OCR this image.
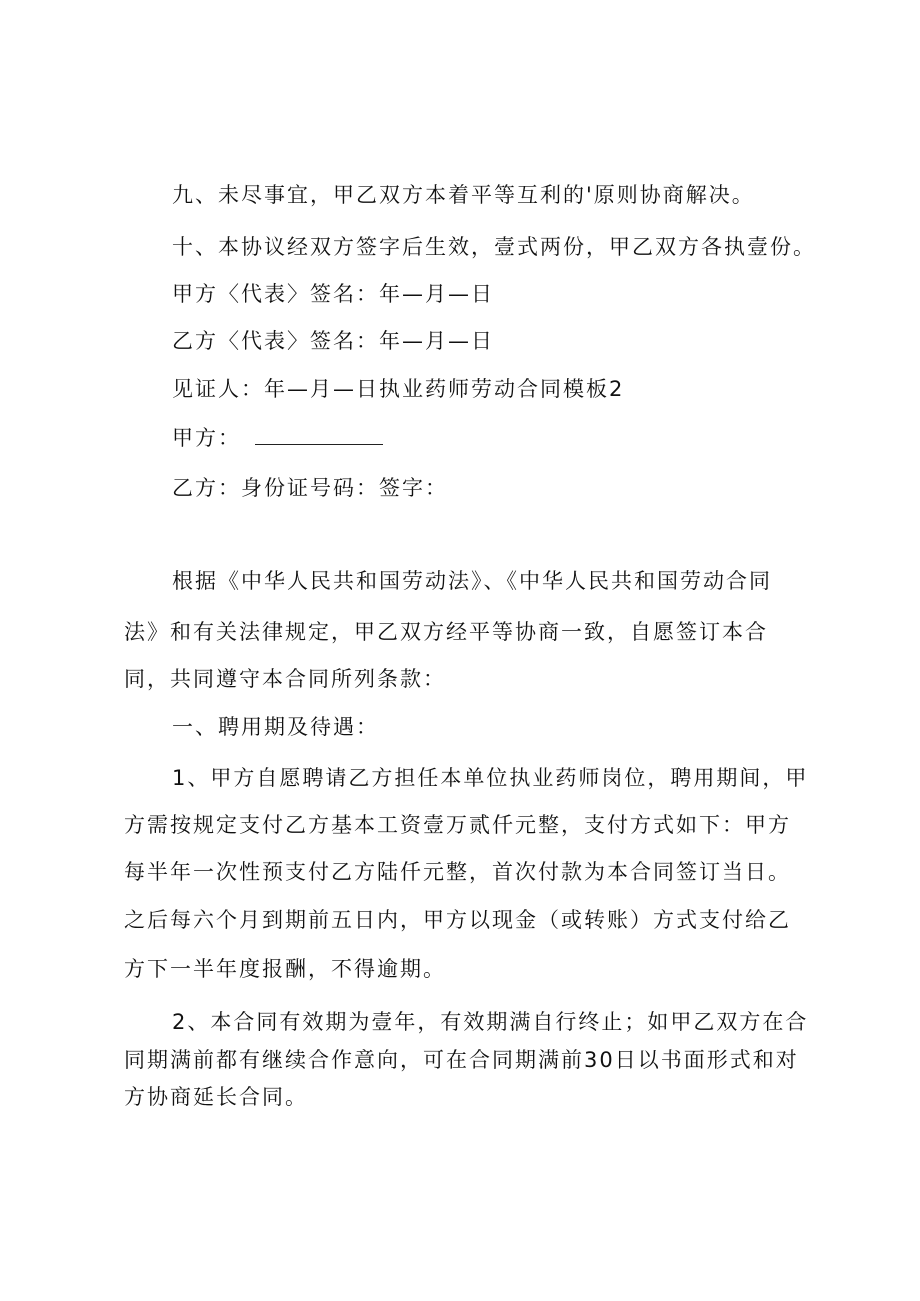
九、未尽事宜，甲乙双方本着平等互利的'原则协商解决。
十、本协议经双方签字后生效，壹式两份，甲乙双方各执壹份。
甲方〈代表〉签名：年—月—日
乙方〈代表〉签名：年—月—日
见证人：年—月—日执业药师劳动合同模板2
甲方：
乙方：身份证号码：签字：
根据《中华人民共和国劳动法》、《中华人民共和国劳动合同
法》和有关法律规定，甲乙双方经平等协商一致，自愿签订本合
同，共同遵守本合同所列条款：
一、聘用期及待遇：
1、甲方自愿聘请乙方担任本单位执业药师岗位，聘用期间，甲
方需按规定支付乙方基本工资壹万贰仟元整，支付方式如下：甲方
每半年一次性预支付乙方陆仟元整，首次付款为本合同签订当日。
之后每六个月到期前五日内，甲方以现金（或转账）方式支付给乙
方下一半年度报酬，不得逾期。
2、本合同有效期为壹年，有效期满自行终止；如甲乙双方在合
同期满前都有继续合作意向，可在合同期满前30日以书面形式和对
方协商延长合同。
